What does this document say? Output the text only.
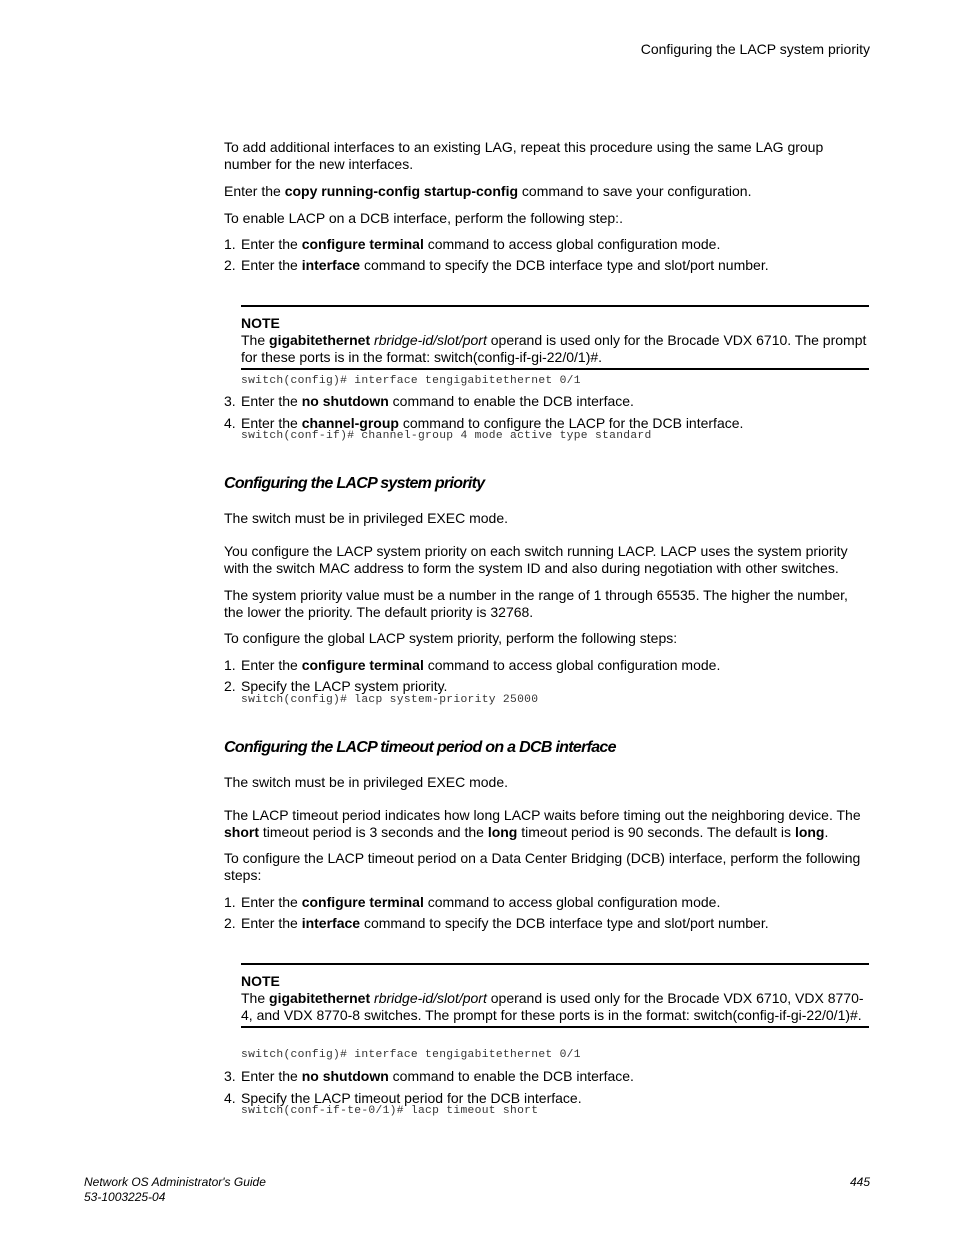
Configuring the LACP system priority
To add additional interfaces to an existing LAG, repeat this procedure using the same LAG group number for the new interfaces.
Enter the copy running-config startup-config command to save your configuration.
To enable LACP on a DCB interface, perform the following step:.
1. Enter the configure terminal command to access global configuration mode.
2. Enter the interface command to specify the DCB interface type and slot/port number.
NOTE
The gigabitethernet rbridge-id/slot/port operand is used only for the Brocade VDX 6710. The prompt for these ports is in the format: switch(config-if-gi-22/0/1)#.
switch(config)# interface tengigabitethernet 0/1
3. Enter the no shutdown command to enable the DCB interface.
4. Enter the channel-group command to configure the LACP for the DCB interface.
switch(conf-if)# channel-group 4 mode active type standard
Configuring the LACP system priority
The switch must be in privileged EXEC mode.
You configure the LACP system priority on each switch running LACP. LACP uses the system priority with the switch MAC address to form the system ID and also during negotiation with other switches.
The system priority value must be a number in the range of 1 through 65535. The higher the number, the lower the priority. The default priority is 32768.
To configure the global LACP system priority, perform the following steps:
1. Enter the configure terminal command to access global configuration mode.
2. Specify the LACP system priority.
switch(config)# lacp system-priority 25000
Configuring the LACP timeout period on a DCB interface
The switch must be in privileged EXEC mode.
The LACP timeout period indicates how long LACP waits before timing out the neighboring device. The short timeout period is 3 seconds and the long timeout period is 90 seconds. The default is long.
To configure the LACP timeout period on a Data Center Bridging (DCB) interface, perform the following steps:
1. Enter the configure terminal command to access global configuration mode.
2. Enter the interface command to specify the DCB interface type and slot/port number.
NOTE
The gigabitethernet rbridge-id/slot/port operand is used only for the Brocade VDX 6710, VDX 8770-4, and VDX 8770-8 switches. The prompt for these ports is in the format: switch(config-if-gi-22/0/1)#.
switch(config)# interface tengigabitethernet 0/1
3. Enter the no shutdown command to enable the DCB interface.
4. Specify the LACP timeout period for the DCB interface.
switch(conf-if-te-0/1)# lacp timeout short
Network OS Administrator's Guide
53-1003225-04
445
